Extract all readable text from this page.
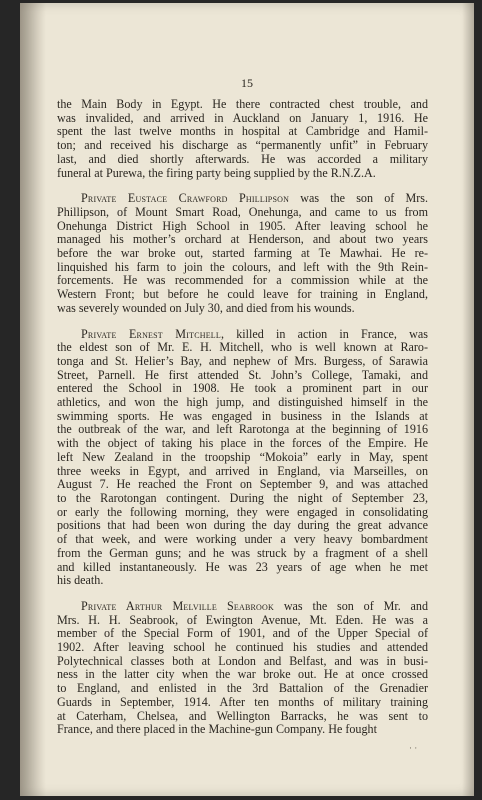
15
the Main Body in Egypt. He there contracted chest trouble, and
was invalided, and arrived in Auckland on January 1, 1916. He
spent the last twelve months in hospital at Cambridge and Hamil-
ton; and received his discharge as “permanently unfit” in February
last, and died shortly afterwards. He was accorded a military
funeral at Purewa, the firing party being supplied by the R.N.Z.A.
Private Eustace Crawford Phillipson was the son of Mrs.
Phillipson, of Mount Smart Road, Onehunga, and came to us from
Onehunga District High School in 1905. After leaving school he
managed his mother’s orchard at Henderson, and about two years
before the war broke out, started farming at Te Mawhai. He re-
linquished his farm to join the colours, and left with the 9th Rein-
forcements. He was recommended for a commission while at the
Western Front; but before he could leave for training in England,
was severely wounded on July 30, and died from his wounds.
Private Ernest Mitchell, killed in action in France, was
the eldest son of Mr. E. H. Mitchell, who is well known at Raro-
tonga and St. Helier’s Bay, and nephew of Mrs. Burgess, of Sarawia
Street, Parnell. He first attended St. John’s College, Tamaki, and
entered the School in 1908. He took a prominent part in our
athletics, and won the high jump, and distinguished himself in the
swimming sports. He was engaged in business in the Islands at
the outbreak of the war, and left Rarotonga at the beginning of 1916
with the object of taking his place in the forces of the Empire. He
left New Zealand in the troopship “Mokoia” early in May, spent
three weeks in Egypt, and arrived in England, via Marseilles, on
August 7. He reached the Front on September 9, and was attached
to the Rarotongan contingent. During the night of September 23,
or early the following morning, they were engaged in consolidating
positions that had been won during the day during the great advance
of that week, and were working under a very heavy bombardment
from the German guns; and he was struck by a fragment of a shell
and killed instantaneously. He was 23 years of age when he met
his death.
Private Arthur Melville Seabrook was the son of Mr. and
Mrs. H. H. Seabrook, of Ewington Avenue, Mt. Eden. He was a
member of the Special Form of 1901, and of the Upper Special of
1902. After leaving school he continued his studies and attended
Polytechnical classes both at London and Belfast, and was in busi-
ness in the latter city when the war broke out. He at once crossed
to England, and enlisted in the 3rd Battalion of the Grenadier
Guards in September, 1914. After ten months of military training
at Caterham, Chelsea, and Wellington Barracks, he was sent to
France, and there placed in the Machine-gun Company. He fought
· ·
